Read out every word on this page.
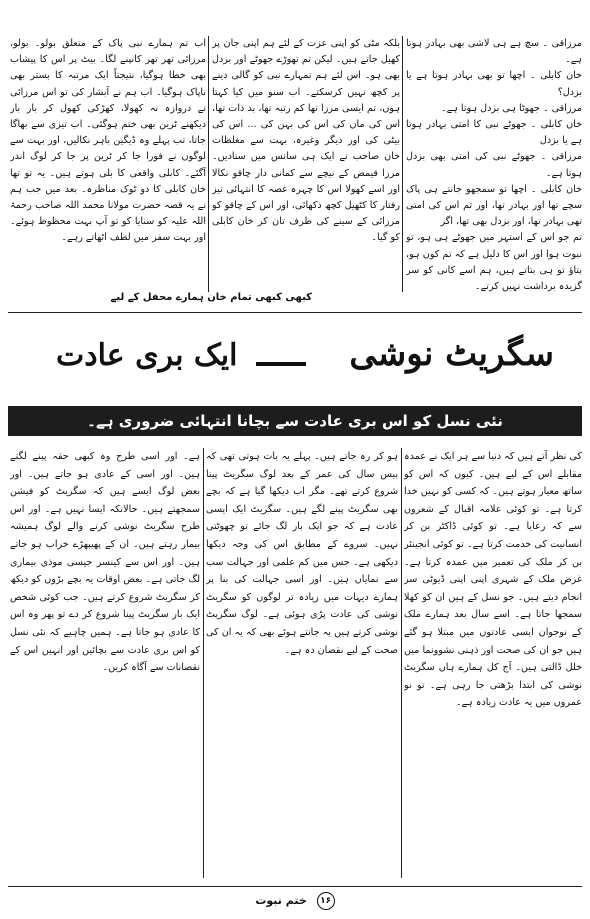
مرزاقی ۔ سچ ہے ہی لاشی بھی بہادر ہوتا ہے۔
خان کابلی ۔ اچھا تو بھی بہادر ہوتا ہے یا بزدل؟
مرزاقی ۔ جھوٹا ہی بزدل ہوتا ہے۔
خان کابلی ۔ جھوٹے نبی کا امتی بہادر ہوتا ہے یا بزدل
مرزاقی ۔ جھوٹے نبی کی امتی بھی بزدل ہوتا ہے۔
خان کابلی ۔ اچھا تو سمجھو جانتے ہی پاک سچے تھا اور بہادر تھا، اور تم اس کی امتی تھی بہادر تھا، اور بزدل بھی تھا، اگر
تم جو اس کے استہر میں جھوٹے ہی ہو، تو نبوت ہوا اور اس کا دلیل ہے کہ تم کون ہو، بتاؤ تو ہی بتاتے ہیں، ہم اسے کانی کو سر گزیدہ برداشت نہیں کرتے۔
بلکہ مٹی کو اپنی عزت کے لئے ہم اپنی جان پر کھیل جاتے ہیں۔ لیکن تم تھوڑے جھوٹے اور بزدل بھی ہو۔ اس لئے ہم تمہارے نبی کو گالی دینے پر کچھ نہیں کرسکتے۔ اب سنو میں کیا کہتا ہوں، تم ایسی مرزا تھا کم رتبہ تھا، بد ذات تھا، اس کی ماں کی اس کی بہن کی ... اس کی بیٹی کی اور دیگر وغیرہ، بہت سے مغلظات خان صاحب نے ایک ہی سانس میں سنادیں۔ مرزا قیمض کے نیچے سے کمانی دار چاقو نکالا اور اسے کھولا اس کا چہرہ غصہ کا انتہائی تیز رفتار کا کٹھیل کچھ دکھائی، اور اس کے چاقو کو مرزائی کے سینے کی طرف تان کر خان کابلی کو گیا۔
اب تم ہمارے نبی پاک کے متعلق بولو۔ بولو، مرزائی تھر تھر کانپنے لگا۔ بیٹ پر اس کا پیشاب بھی خطا ہوگیا، نتیجتاً ایک مرتبہ کا بستر بھی ناپاک ہوگیا۔ اب ہم نے آبشار کی تو اس مرزائی نے دروازہ نہ کھولا، کھڑکی کھول کر بار بار دیکھنے ٹرین بھی ختم ہوگئی۔ اب تیزی سے بھاگا جاتا، تب پہلے وہ ڈیگین باہر نکالیں، اور بہت سے لوگوں نے فورا جا کر ٹرین پر جا کر لوگ اندر آگئے۔ کابلی واقعی کا بلی ہوتے ہیں۔ یہ تو تھا خان کابلی کا دو ٹوک مناظرہ۔ بعد میں جب ہم نے یہ قصہ حضرت مولانا محمد اللہ صاحب رحمۃ اللہ علیہ کو سنایا کو تو آپ بہت محظوظ ہوئے۔ اور بہت سفر میں لطف اٹھاتے رہے۔
کبھی کبھی تمام خان ہمارے محفل کے لیے
سگریٹ نوشی
ایک بری عادت
نئی نسل کو اس بری عادت سے بچانا انتہائی ضروری ہے۔
کی نظر آتے ہیں کہ دنیا سے ہر ایک نے عمدہ مقابلے اس کے لیے ہیں۔ کیوں کہ اس کو ساتھ معیار ہوتے ہیں۔ کہ کسی کو نہیں خدا کرتا ہے۔ تو کوئی علامہ اقبال کے شعروں سے کہ رعایا ہے۔ تو کوئی ڈاکٹر بن کر انسانیت کی خدمت کرتا ہے۔ تو کوئی انجینئر بن کر ملک کی تعمیر میں عمدہ کرتا ہے۔ غرض ملک کے شہری اپنی اپنی ڈیوٹی سر انجام دیتے ہیں۔ جو نسل کے ہیں ان کو کھلا سمجھا جاتا ہے۔ اسے سال بعد ہمارے ملک کے نوجوان ایسی عادتوں میں مبتلا ہو گئے ہیں جو ان کی صحت اور ذہنی نشوونما میں خلل ڈالتی ہیں۔ آج کل ہمارے ہاں سگریٹ نوشی کی ابتدا بڑھتی جا رہی ہے۔ تو نو عمروں میں یہ عادت زیادہ ہے۔
ہو کر رہ جاتے ہیں۔ پہلے یہ بات ہوتی تھی کہ بیس سال کی عمر کے بعد لوگ سگریٹ پینا شروع کرتے تھے۔ مگر اب دیکھا گیا ہے کہ بچے بھی سگریٹ پینے لگے ہیں۔ سگریٹ ایک ایسی عادت ہے کہ جو ایک بار لگ جائے تو چھوٹتی نہیں۔ سروے کے مطابق اس کی وجہ دیکھا دیکھی ہے۔ جس میں کم علمی اور جہالت سب سے نمایاں ہیں۔ اور اسی جہالت کی بنا پر ہمارے دیہات میں زیادہ تر لوگوں کو سگریٹ نوشی کی عادت پڑی ہوئی ہے۔ لوگ سگریٹ نوشی کرتے ہیں یہ جانتے ہوئے بھی کہ یہ ان کی صحت کے لیے نقصان دہ ہے۔
ہے۔ اور اسی طرح وہ کبھی حقہ پینے لگتے ہیں۔ اور اسی کے عادی ہو جاتے ہیں۔ اور بعض لوگ ایسے ہیں کہ سگریٹ کو فیشن سمجھتے ہیں۔ حالانکہ ایسا نہیں ہے۔ اور اس طرح سگریٹ نوشی کرنے والے لوگ ہمیشہ بیمار رہتے ہیں۔ ان کے پھیپھڑے خراب ہو جاتے ہیں۔ اور اس سے کینسر جیسی موذی بیماری لگ جاتی ہے۔ بعض اوقات یہ بچے بڑوں کو دیکھ کر سگریٹ شروع کرتے ہیں۔ جب کوئی شخص ایک بار سگریٹ پینا شروع کر دے تو پھر وہ اس کا عادی ہو جاتا ہے۔ ہمیں چاہیے کہ نئی نسل کو اس بری عادت سے بچائیں اور انہیں اس کے نقصانات سے آگاہ کریں۔
۱۶ ختم نبوت
